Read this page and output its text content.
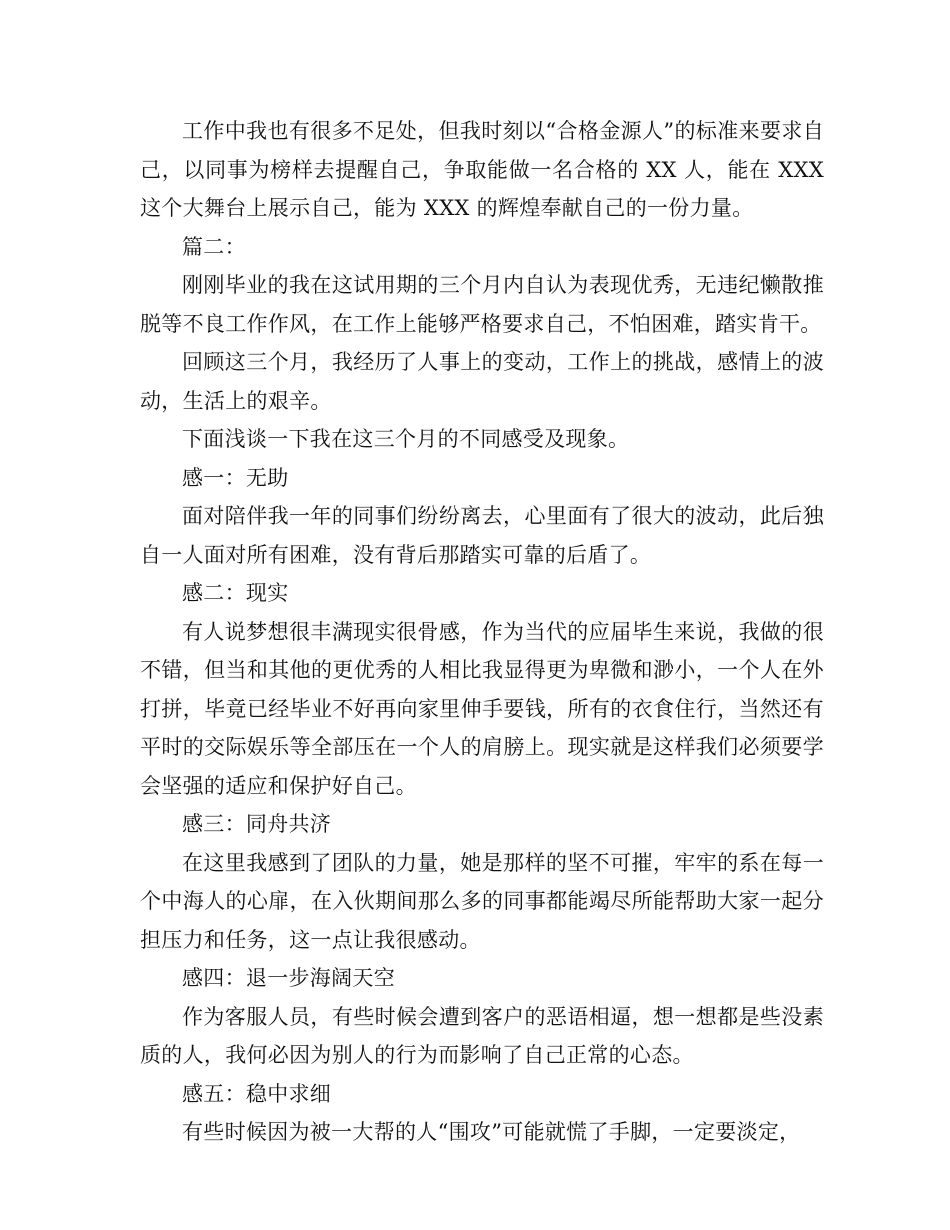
工作中我也有很多不足处，但我时刻以“合格金源人”的标准来要求自己，以同事为榜样去提醒自己，争取能做一名合格的 XX 人，能在 XXX 这个大舞台上展示自己，能为 XXX 的辉煌奉献自己的一份力量。

篇二：

刚刚毕业的我在这试用期的三个月内自认为表现优秀，无违纪懒散推脱等不良工作作风，在工作上能够严格要求自己，不怕困难，踏实肯干。

回顾这三个月，我经历了人事上的变动，工作上的挑战，感情上的波动，生活上的艰辛。

下面浅谈一下我在这三个月的不同感受及现象。

感一：无助

面对陪伴我一年的同事们纷纷离去，心里面有了很大的波动，此后独自一人面对所有困难，没有背后那踏实可靠的后盾了。

感二：现实

有人说梦想很丰满现实很骨感，作为当代的应届毕生来说，我做的很不错，但当和其他的更优秀的人相比我显得更为卑微和渺小，一个人在外打拼，毕竟已经毕业不好再向家里伸手要钱，所有的衣食住行，当然还有平时的交际娱乐等全部压在一个人的肩膀上。现实就是这样我们必须要学会坚强的适应和保护好自己。

感三：同舟共济

在这里我感到了团队的力量，她是那样的坚不可摧，牢牢的系在每一个中海人的心扉，在入伙期间那么多的同事都能竭尽所能帮助大家一起分担压力和任务，这一点让我很感动。

感四：退一步海阔天空

作为客服人员，有些时候会遭到客户的恶语相逼，想一想都是些没素质的人，我何必因为别人的行为而影响了自己正常的心态。

感五：稳中求细

有些时候因为被一大帮的人“围攻”可能就慌了手脚，一定要淡定，
